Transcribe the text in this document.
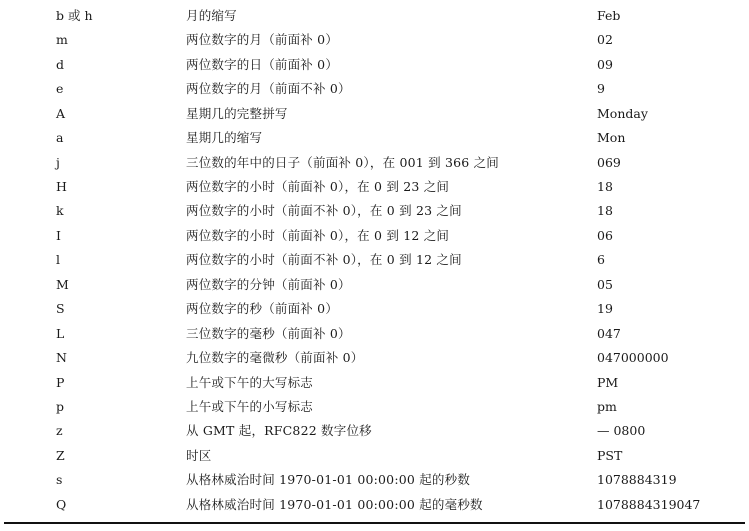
b 或 h	月的缩写	Feb
m	两位数字的月（前面补 0）	02
d	两位数字的日（前面补 0）	09
e	两位数字的月（前面不补 0）	9
A	星期几的完整拼写	Monday
a	星期几的缩写	Mon
j	三位数的年中的日子（前面补 0），在 001 到 366 之间	069
H	两位数字的小时（前面补 0），在 0 到 23 之间	18
k	两位数字的小时（前面不补 0），在 0 到 23 之间	18
I	两位数字的小时（前面补 0），在 0 到 12 之间	06
l	两位数字的小时（前面不补 0），在 0 到 12 之间	6
M	两位数字的分钟（前面补 0）	05
S	两位数字的秒（前面补 0）	19
L	三位数字的毫秒（前面补 0）	047
N	九位数字的毫微秒（前面补 0）	047000000
P	上午或下午的大写标志	PM
p	上午或下午的小写标志	pm
z	从 GMT 起，RFC822 数字位移	— 0800
Z	时区	PST
s	从格林威治时间 1970-01-01 00:00:00 起的秒数	1078884319
Q	从格林威治时间 1970-01-01 00:00:00 起的毫秒数	1078884319047
